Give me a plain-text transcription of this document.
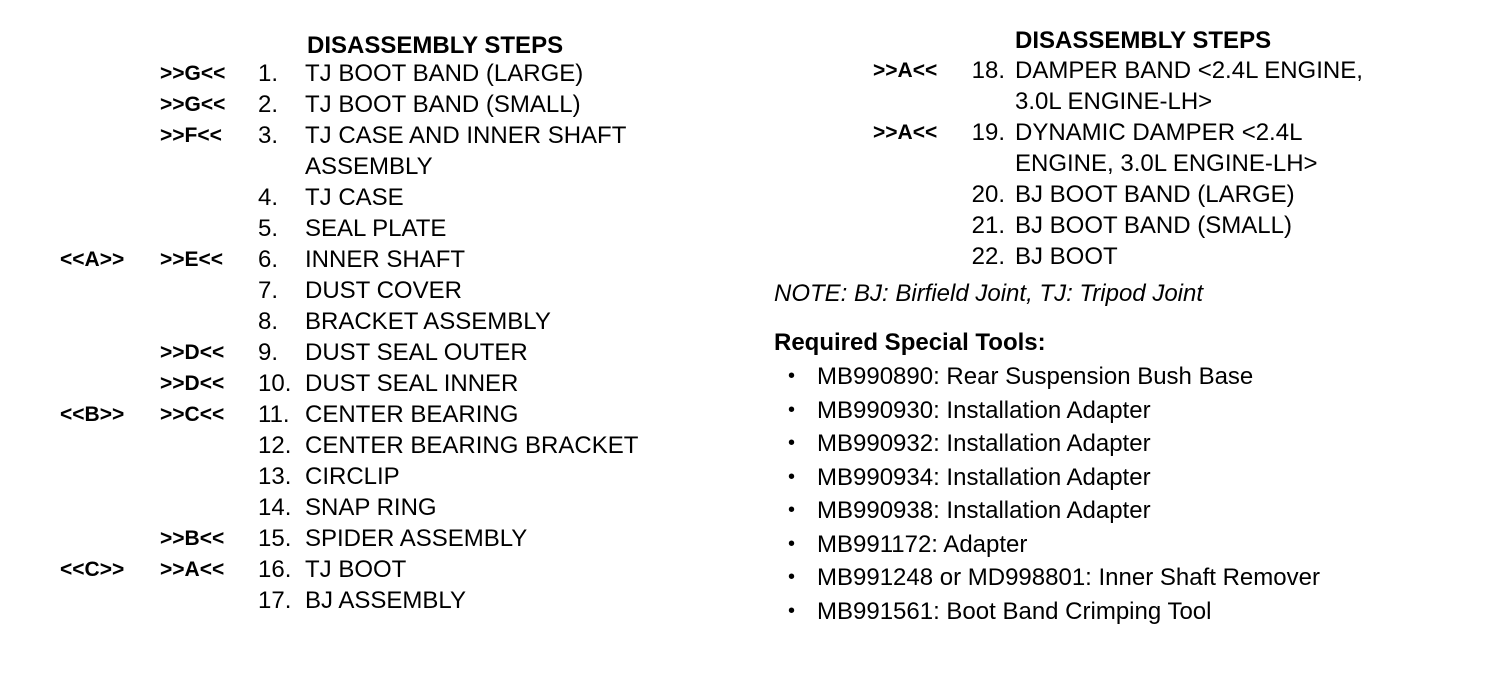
DISASSEMBLY STEPS
>>G<< 1.	TJ BOOT BAND (LARGE)
>>G<< 2.	TJ BOOT BAND (SMALL)
>>F<< 3.	TJ CASE AND INNER SHAFT
ASSEMBLY
4.	TJ CASE
5.	SEAL PLATE
<<A>> >>E<< 6.	INNER SHAFT
7.	DUST COVER
8.	BRACKET ASSEMBLY
>>D<< 9.	DUST SEAL OUTER
>>D<< 10. DUST SEAL INNER
<<B>> >>C<< 11. CENTER BEARING
12. CENTER BEARING BRACKET
13. CIRCLIP
14. SNAP RING
>>B<< 15. SPIDER ASSEMBLY
<<C>> >>A<< 16. TJ BOOT
17. BJ ASSEMBLY
DISASSEMBLY STEPS
>>A<<	18. DAMPER BAND <2.4L ENGINE,
3.0L ENGINE-LH>
>>A<<	19. DYNAMIC DAMPER <2.4L
ENGINE, 3.0L ENGINE-LH>
20. BJ BOOT BAND (LARGE)
21. BJ BOOT BAND (SMALL)
22. BJ BOOT
NOTE: BJ: Birfield Joint, TJ: Tripod Joint
Required Special Tools:
• MB990890: Rear Suspension Bush Base
• MB990930: Installation Adapter
• MB990932: Installation Adapter
• MB990934: Installation Adapter
• MB990938: Installation Adapter
• MB991172: Adapter
• MB991248 or MD998801: Inner Shaft Remover
• MB991561: Boot Band Crimping Tool
